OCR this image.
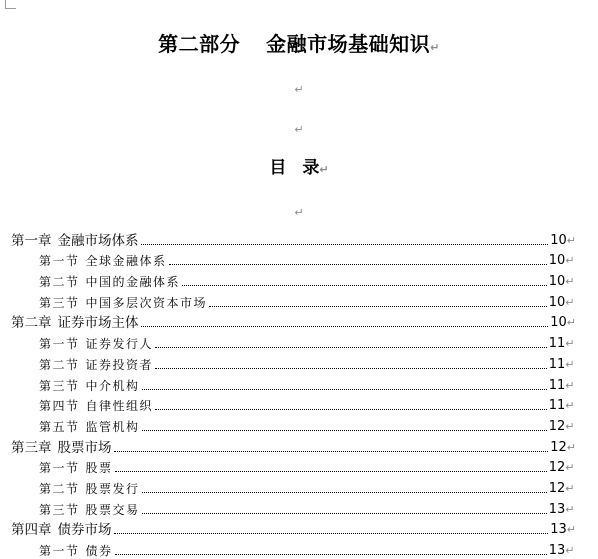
第二部分 金融市场基础知识↵
↵
↵
目 录↵
↵
第一章 金融市场体系	10 ↵
第一节 全球金融体系	10 ↵
第二节 中国的金融体系	10 ↵
第三节 中国多层次资本市场	10 ↵
第二章 证券市场主体	10 ↵
第一节 证券发行人	11 ↵
第二节 证券投资者	11 ↵
第三节 中介机构	11 ↵
第四节 自律性组织	11 ↵
第五节 监管机构	12 ↵
第三章 股票市场	12 ↵
第一节 股票	12 ↵
第二节 股票发行	12 ↵
第三节 股票交易	13 ↵
第四章 债券市场	13 ↵
第一节 债券	13 ↵
